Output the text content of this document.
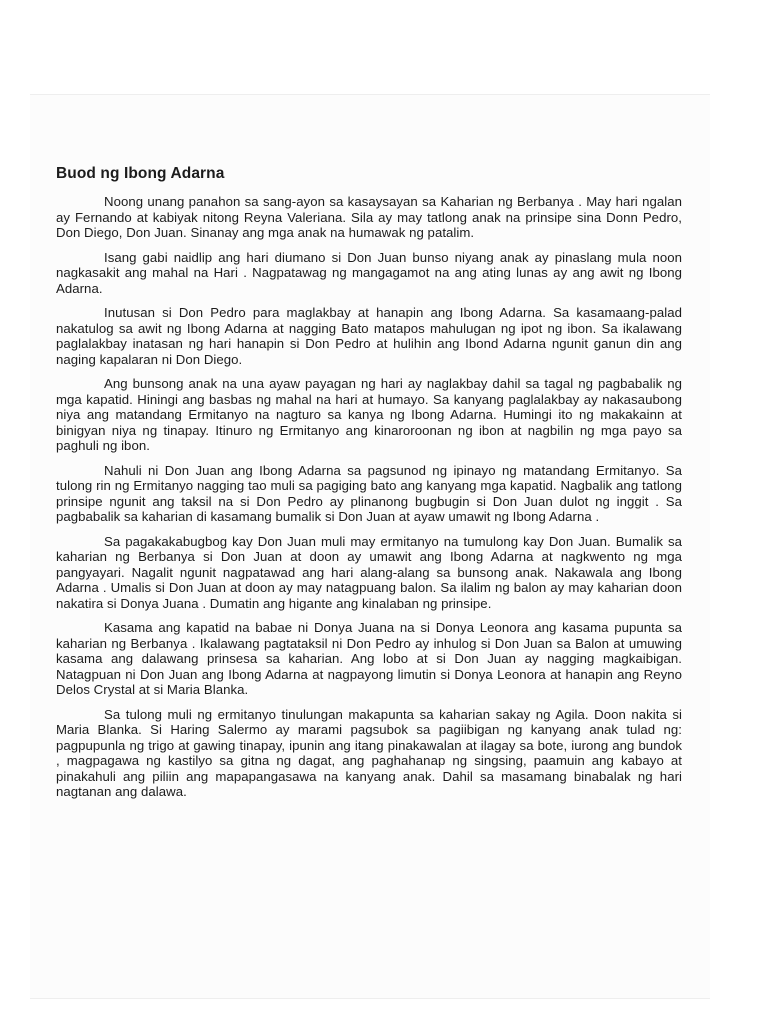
Buod ng Ibong Adarna

Noong unang panahon sa sang-ayon sa kasaysayan sa Kaharian ng Berbanya . May hari ngalan ay Fernando at kabiyak nitong Reyna Valeriana. Sila ay may tatlong anak na prinsipe sina Donn Pedro, Don Diego, Don Juan. Sinanay ang mga anak na humawak ng patalim.

Isang gabi naidlip ang hari diumano si Don Juan bunso niyang anak ay pinaslang mula noon nagkasakit ang mahal na Hari . Nagpatawag ng mangagamot na ang ating lunas ay ang awit ng Ibong Adarna.

Inutusan si Don Pedro para maglakbay at hanapin ang Ibong Adarna. Sa kasamaang-palad nakatulog sa awit ng Ibong Adarna at nagging Bato matapos mahulugan ng ipot ng ibon. Sa ikalawang paglalakbay inatasan ng hari hanapin si Don Pedro at hulihin ang Ibond Adarna ngunit ganun din ang naging kapalaran ni Don Diego.

Ang bunsong anak na una ayaw payagan ng hari ay naglakbay dahil sa tagal ng pagbabalik ng mga kapatid. Hiningi ang basbas ng mahal na hari at humayo. Sa kanyang paglalakbay ay nakasaubong niya ang matandang Ermitanyo na nagturo sa kanya ng Ibong Adarna. Humingi ito ng makakainn at binigyan niya ng tinapay. Itinuro ng Ermitanyo ang kinaroroonan ng ibon at nagbilin ng mga payo sa paghuli ng ibon.

Nahuli ni Don Juan ang Ibong Adarna sa pagsunod ng ipinayo ng matandang Ermitanyo. Sa tulong rin ng Ermitanyo nagging tao muli sa pagiging bato ang kanyang mga kapatid. Nagbalik ang tatlong prinsipe ngunit ang taksil na si Don Pedro ay plinanong bugbugin si Don Juan dulot ng inggit . Sa pagbabalik sa kaharian di kasamang bumalik si Don Juan at ayaw umawit ng Ibong Adarna .

Sa pagakakabugbog kay Don Juan muli may ermitanyo na tumulong kay Don Juan. Bumalik sa kaharian ng Berbanya si Don Juan at doon ay umawit ang Ibong Adarna at nagkwento ng mga pangyayari. Nagalit ngunit nagpatawad ang hari alang-alang sa bunsong anak. Nakawala ang Ibong Adarna . Umalis si Don Juan at doon ay may natagpuang balon. Sa ilalim ng balon ay may kaharian doon nakatira si Donya Juana . Dumatin ang higante ang kinalaban ng prinsipe.

Kasama ang kapatid na babae ni Donya Juana na si Donya Leonora ang kasama pupunta sa kaharian ng Berbanya . Ikalawang pagtataksil ni Don Pedro ay inhulog si Don Juan sa Balon at umuwing kasama ang dalawang prinsesa sa kaharian. Ang lobo at si Don Juan ay nagging magkaibigan. Natagpuan ni Don Juan ang Ibong Adarna at nagpayong limutin si Donya Leonora at hanapin ang Reyno Delos Crystal at si Maria Blanka.

Sa tulong muli ng ermitanyo tinulungan makapunta sa kaharian sakay ng Agila. Doon nakita si Maria Blanka. Si Haring Salermo ay marami pagsubok sa pagiibigan ng kanyang anak tulad ng: pagpupunla ng trigo at gawing tinapay, ipunin ang itang pinakawalan at ilagay sa bote, iurong ang bundok , magpagawa ng kastilyo sa gitna ng dagat, ang paghahanap ng singsing, paamuin ang kabayo at pinakahuli ang piliin ang mapapangasawa na kanyang anak. Dahil sa masamang binabalak ng hari nagtanan ang dalawa.
